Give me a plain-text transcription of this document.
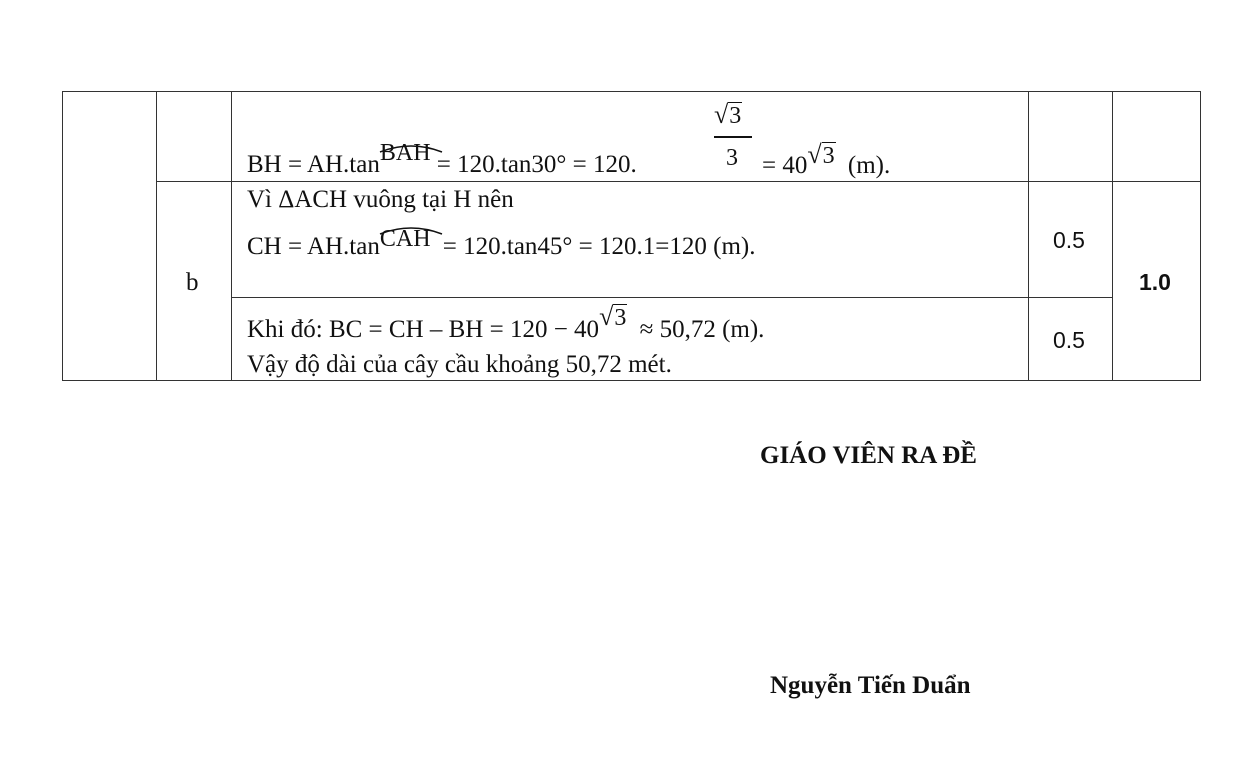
BH = AH.tan
BAH = 120.tan30° = 120.
√3
3 = 40√3 (m).
Vì ΔACH vuông tại H nên
CH = AH.tan
CAH = 120.tan45° = 120.1=120 (m).
b
0.5
Khi đó: BC = CH – BH = 120 − 40√3 ≈ 50,72 (m).
Vậy độ dài của cây cầu khoảng 50,72 mét.
0.5
1.0
GIÁO VIÊN RA ĐỀ
Nguyễn Tiến Duẩn
